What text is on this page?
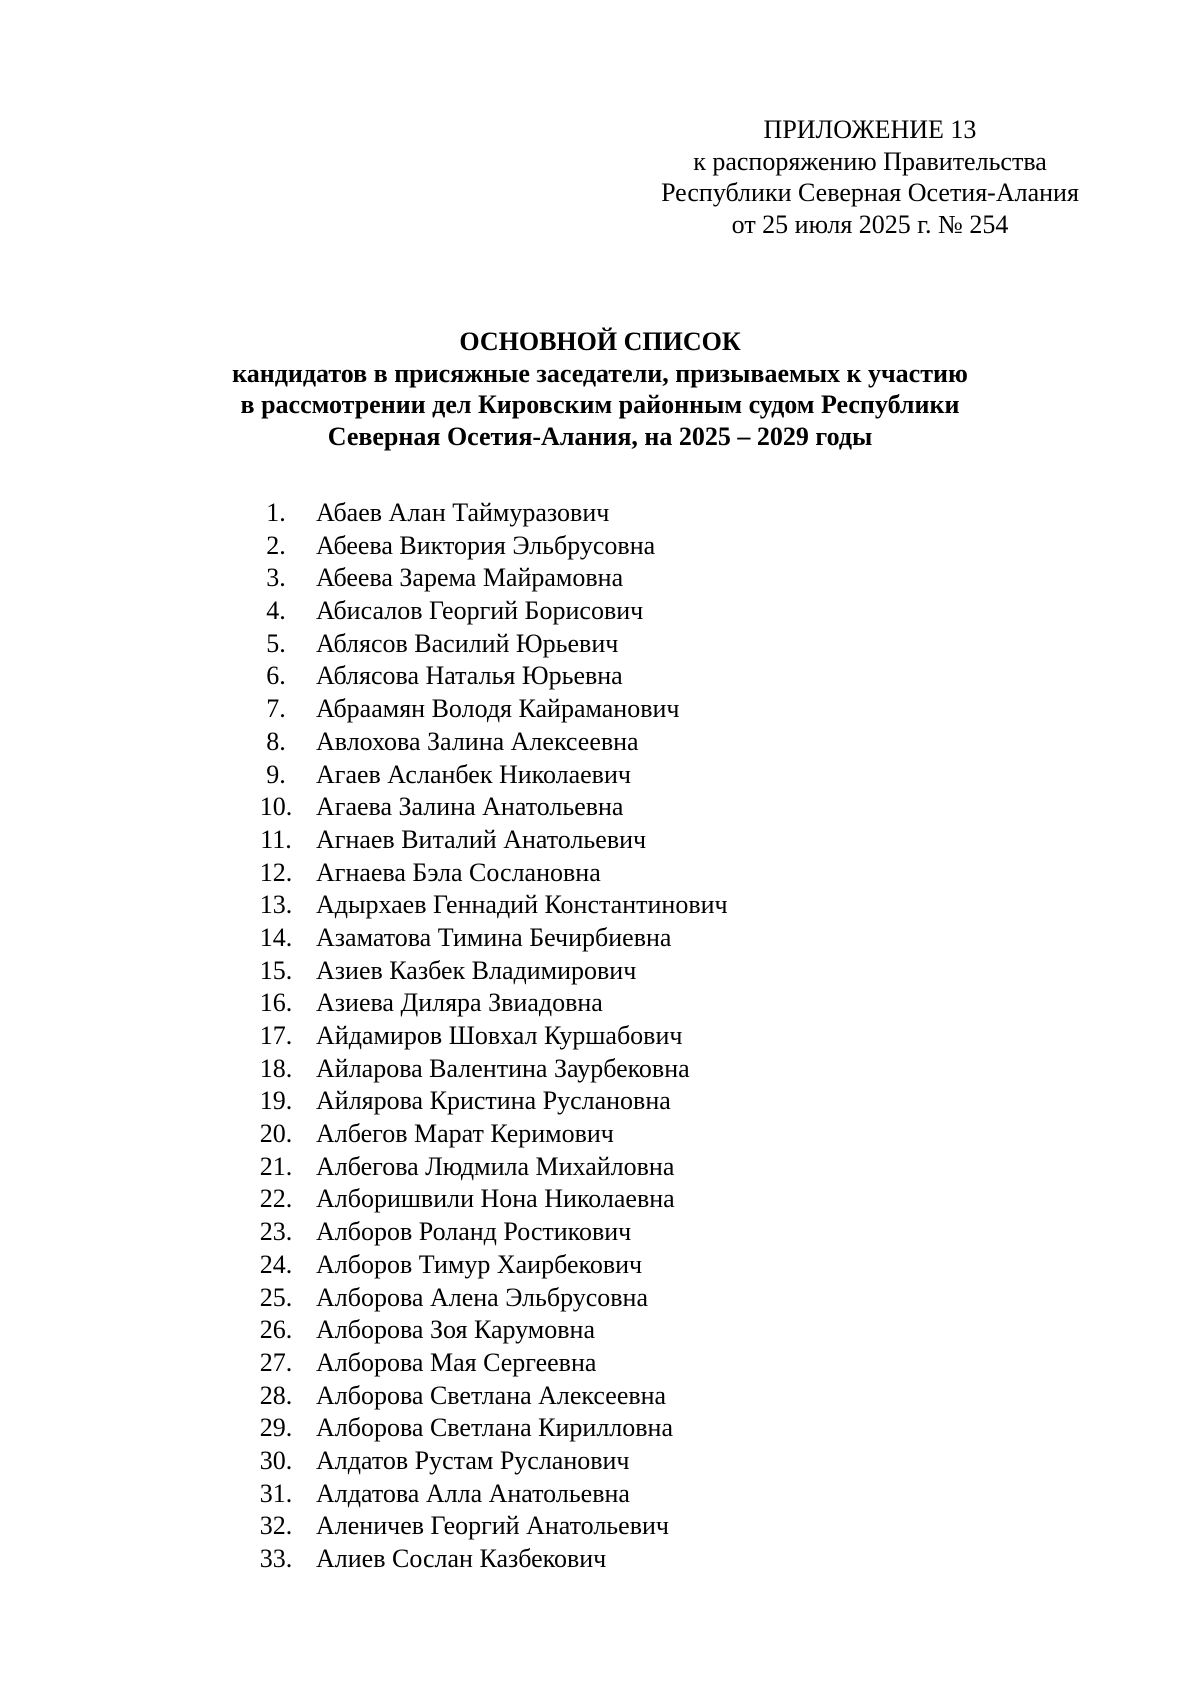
ПРИЛОЖЕНИЕ 13
к распоряжению Правительства
Республики Северная Осетия-Алания
от 25 июля 2025 г. № 254
ОСНОВНОЙ СПИСОК
кандидатов в присяжные заседатели, призываемых к участию
в рассмотрении дел Кировским районным судом Республики
Северная Осетия-Алания, на 2025 – 2029 годы
1. Абаев Алан Таймуразович
2. Абеева Виктория Эльбрусовна
3. Абеева Зарема Майрамовна
4. Абисалов Георгий Борисович
5. Аблясов Василий Юрьевич
6. Аблясова Наталья Юрьевна
7. Абраамян Володя Кайраманович
8. Авлохова Залина Алексеевна
9. Агаев Асланбек Николаевич
10. Агаева Залина Анатольевна
11. Агнаев Виталий Анатольевич
12. Агнаева Бэла Сослановна
13. Адырхаев Геннадий Константинович
14. Азаматова Тимина Бечирбиевна
15. Азиев Казбек Владимирович
16. Азиева Диляра Звиадовна
17. Айдамиров Шовхал Куршабович
18. Айларова Валентина Заурбековна
19. Айлярова Кристина Руслановна
20. Албегов Марат Керимович
21. Албегова Людмила Михайловна
22. Алборишвили Нона Николаевна
23. Алборов Роланд Ростикович
24. Алборов Тимур Хаирбекович
25. Алборова Алена Эльбрусовна
26. Алборова Зоя Карумовна
27. Алборова Мая Сергеевна
28. Алборова Светлана Алексеевна
29. Алборова Светлана Кирилловна
30. Алдатов Рустам Русланович
31. Алдатова Алла Анатольевна
32. Аленичев Георгий Анатольевич
33. Алиев Сослан Казбекович
